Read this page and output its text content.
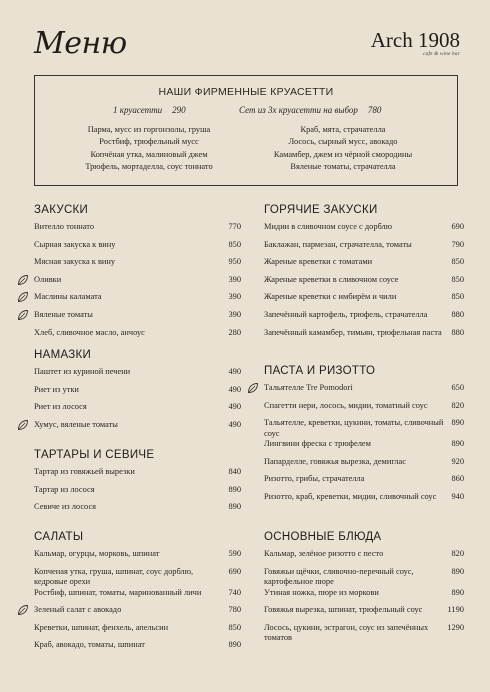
Меню	Arch 1908
cafe & wine bar
НАШИ ФИРМЕННЫЕ КРУАСЕТТИ
1 круасетти 290	Сет из 3х круасетти на выбор 780
Парма, мусс из горгонзолы, груша
Ростбиф, трюфельный мусс
Копчёная утка, малиновый джем
Трюфель, мортаделла, соус тоннато
Краб, мята, страчателла
Лосось, сырный мусс, авокадо
Камамбер, джем из чёрной смородины
Вяленые томаты, страчателла
ЗАКУСКИ
Вителло тоннато	770
Сырная закуска к вину	850
Мясная закуска к вину	950
Оливки	390
Маслины каламата	390
Вяленые томаты	390
Хлеб, сливочное масло, анчоус	280
НАМАЗКИ
Паштет из куриной печени	490
Риет из утки	490
Риет из лосося	490
Хумус, вяленые томаты	490
ТАРТАРЫ И СЕВИЧЕ
Тартар из говяжьей вырезки	840
Тартар из лосося	890
Севиче из лосося	890
САЛАТЫ
Кальмар, огурцы, морковь, шпинат	590
Копченая утка, груша, шпинат, соус дорблю, кедровые орехи
690
Ростбиф, шпинат, томаты, маринованный личи	740
Зеленый салат с авокадо	780
Креветки, шпинат, фенхель, апельсин	850
Краб, авокадо, томаты, шпинат	890
ГОРЯЧИЕ ЗАКУСКИ
Мидии в сливочном соусе с дорблю	690
Баклажан, пармезан, страчателла, томаты	790
Жареные креветки с томатами	850
Жареные креветки в сливочном соусе	850
Жареные креветки с имбирём и чили	850
Запечённый картофель, трюфель, страчателла	880
Запечённый камамбер, тимьян, трюфельная паста 880
ПАСТА И РИЗОТТО
Тальятелле Tre Pomodori	650
Спагетти нери, лосось, мидии, томатный соус	820
Тальятелле, креветки, цукини, томаты, сливочный соус
890
Лингвини фреска с трюфелем	890
Папарделле, говяжья вырезка, демиглас	920
Ризотто, грибы, страчателла	860
Ризотто, краб, креветки, мидии, сливочный соус	940
ОСНОВНЫЕ БЛЮДА
Кальмар, зелёное ризотто с песто	820
Говяжьи щёчки, сливочно-перечный соус, картофельное пюре
890
Утиная ножка, пюре из моркови	890
Говяжья вырезка, шпинат, трюфельный соус	1190
Лосось, цукини, эстрагон, соус из запечённых томатов
1290
